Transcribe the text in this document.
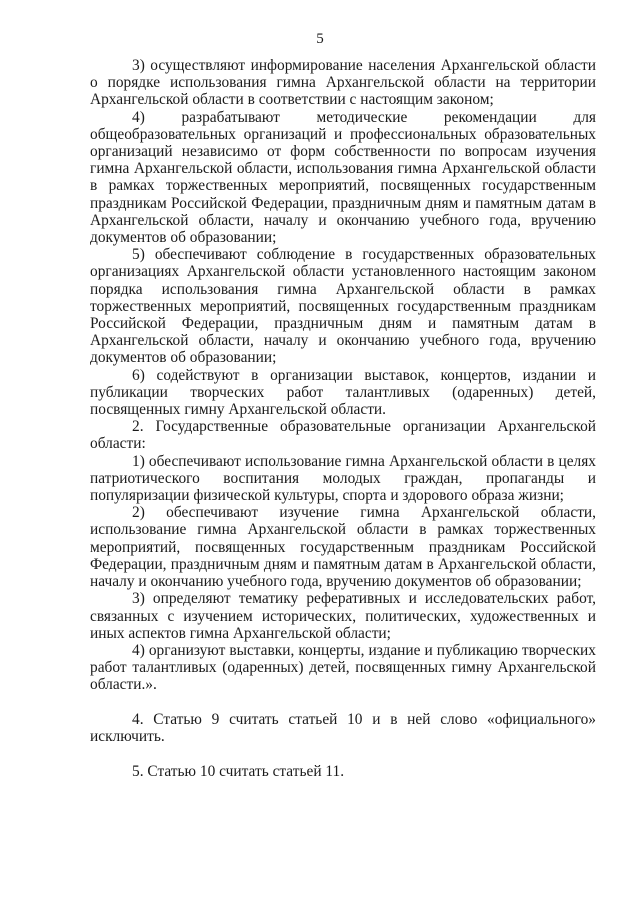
5

3) осуществляют информирование населения Архангельской области о порядке использования гимна Архангельской области на территории Архангельской области в соответствии с настоящим законом;

4) разрабатывают методические рекомендации для общеобразовательных организаций и профессиональных образовательных организаций независимо от форм собственности по вопросам изучения гимна Архангельской области, использования гимна Архангельской области в рамках торжественных мероприятий, посвященных государственным праздникам Российской Федерации, праздничным дням и памятным датам в Архангельской области, началу и окончанию учебного года, вручению документов об образовании;

5) обеспечивают соблюдение в государственных образовательных организациях Архангельской области установленного настоящим законом порядка использования гимна Архангельской области в рамках торжественных мероприятий, посвященных государственным праздникам Российской Федерации, праздничным дням и памятным датам в Архангельской области, началу и окончанию учебного года, вручению документов об образовании;

6) содействуют в организации выставок, концертов, издании и публикации творческих работ талантливых (одаренных) детей, посвященных гимну Архангельской области.

2. Государственные образовательные организации Архангельской области:

1) обеспечивают использование гимна Архангельской области в целях патриотического воспитания молодых граждан, пропаганды и популяризации физической культуры, спорта и здорового образа жизни;

2) обеспечивают изучение гимна Архангельской области, использование гимна Архангельской области в рамках торжественных мероприятий, посвященных государственным праздникам Российской Федерации, праздничным дням и памятным датам в Архангельской области, началу и окончанию учебного года, вручению документов об образовании;

3) определяют тематику реферативных и исследовательских работ, связанных с изучением исторических, политических, художественных и иных аспектов гимна Архангельской области;

4) организуют выставки, концерты, издание и публикацию творческих работ талантливых (одаренных) детей, посвященных гимну Архангельской области.».

4. Статью 9 считать статьей 10 и в ней слово «официального» исключить.

5. Статью 10 считать статьей 11.
